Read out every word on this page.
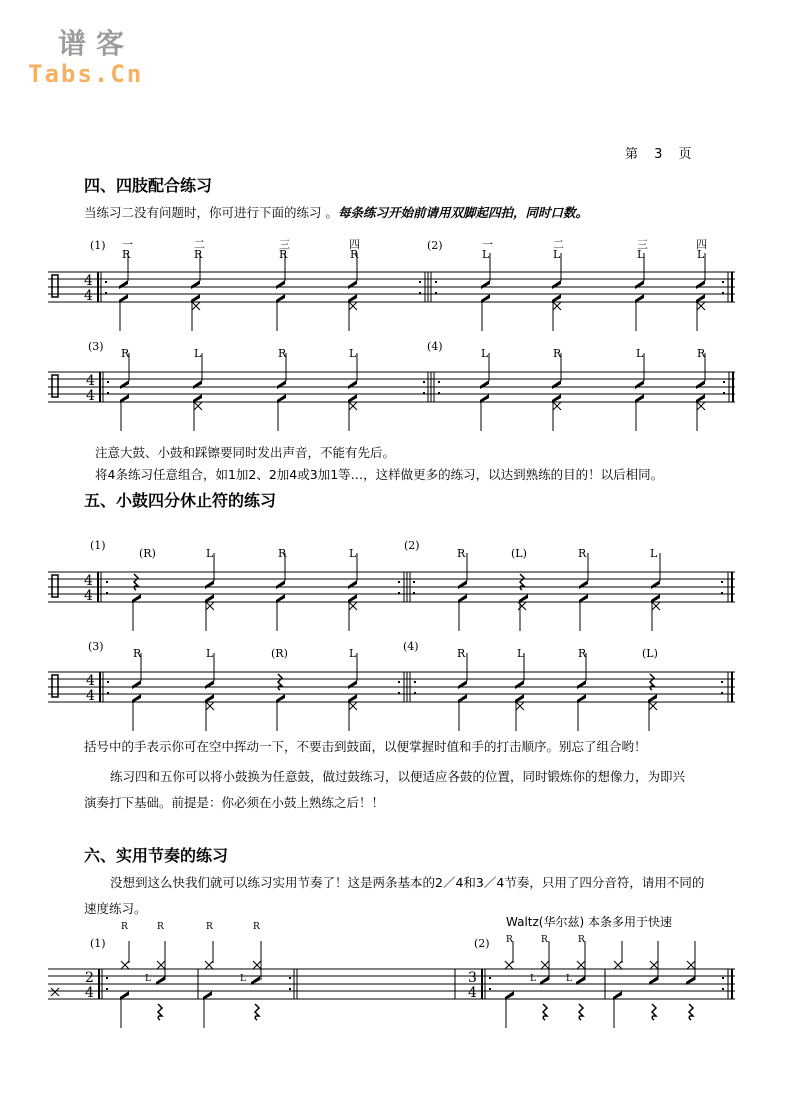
谱客
Tabs.Cn
第 3 页
四、四肢配合练习
当练习二没有问题时，你可进行下面的练习 。每条练习开始前请用双脚起四拍，同时口数。
注意大鼓、小鼓和踩镲要同时发出声音，不能有先后。
将4条练习任意组合，如1加2、2加4或3加1等…，这样做更多的练习，以达到熟练的目的！以后相同。
五、小鼓四分休止符的练习
括号中的手表示你可在空中挥动一下，不要击到鼓面，以便掌握时值和手的打击顺序。别忘了组合哟！
练习四和五你可以将小鼓换为任意鼓，做过鼓练习，以便适应各鼓的位置，同时锻炼你的想像力，为即兴
演奏打下基础。前提是：你必须在小鼓上熟练之后！！
六、实用节奏的练习
没想到这么快我们就可以练习实用节奏了！这是两条基本的2／4和3／4节奏，只用了四分音符，请用不同的
速度练习。
Waltz(华尔兹) 本条多用于快速
4
4
4
4
4
4
4
4
2
4
3
4
(1) 一
R
二
R
三
R
四
R
(2)	一
L
二
L
三
L
四
L
(3)
R	L	R	L
(4)
L	R	L	R
(1)
(R)	L	R	L
(2)
R	(L)	R	L
(3)
R	L	(R)	L
(4)
R	L	R	(L)
(1)
R	R	R	R
L	L
(2) R	R	R
L	L
